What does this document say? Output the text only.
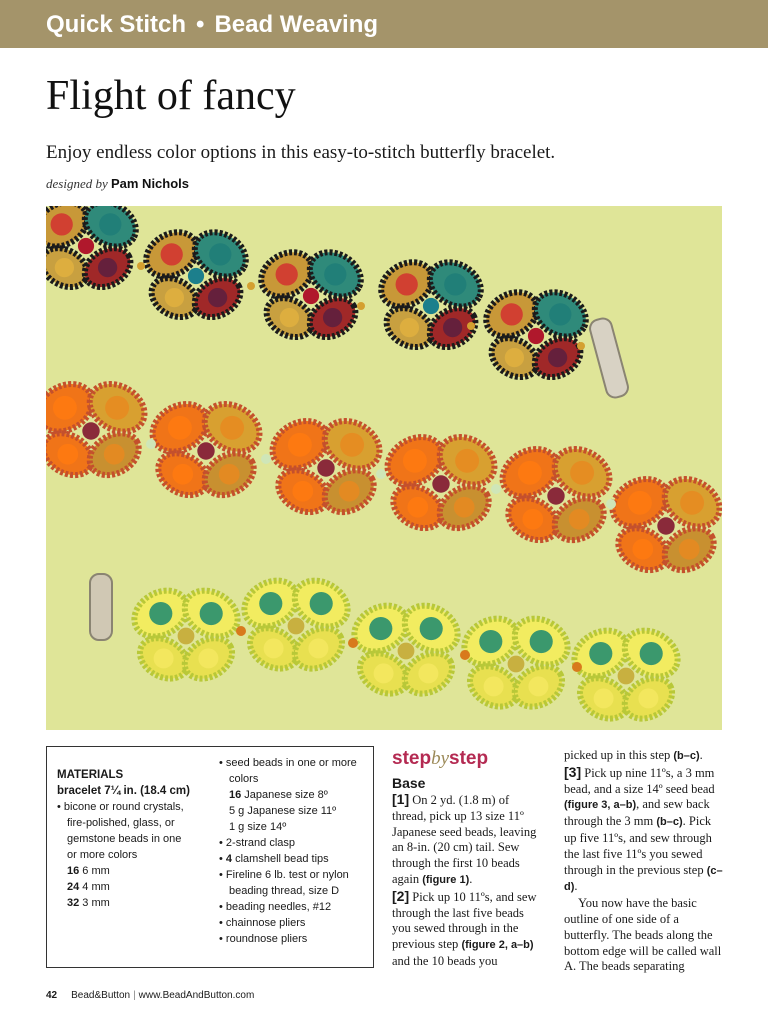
Quick Stitch • Bead Weaving
Flight of fancy

Enjoy endless color options in this easy-to-stitch butterfly bracelet.

designed by Pam Nichols
MATERIALS
bracelet 7¼ in. (18.4 cm)
• bicone or round crystals,
fire-polished, glass, or
gemstone beads in one
or more colors
16 6 mm
24 4 mm
32 3 mm
• seed beads in one or more
colors
16 Japanese size 8º
5 g Japanese size 11º
1 g size 14º
• 2-strand clasp
• 4 clamshell bead tips
• Fireline 6 lb. test or nylon
beading thread, size D
• beading needles, #12
• chainnose pliers
• roundnose pliers
stepbystep
Base
[1] On 2 yd. (1.8 m) of thread, pick up 13 size 11º Japanese seed beads, leaving an 8-in. (20 cm) tail. Sew through the first 10 beads again (figure 1).
[2] Pick up 10 11ºs, and sew through the last five beads you sewed through in the previous step (figure 2, a–b) and the 10 beads you
picked up in this step (b–c).
[3] Pick up nine 11ºs, a 3 mm bead, and a size 14º seed bead (figure 3, a–b), and sew back through the 3 mm (b–c). Pick up five 11ºs, and sew through the last five 11ºs you sewed through in the previous step (c–d).
You now have the basic outline of one side of a butterfly. The beads along the bottom edge will be called wall A. The beads separating
42 Bead&Button | www.BeadAndButton.com
